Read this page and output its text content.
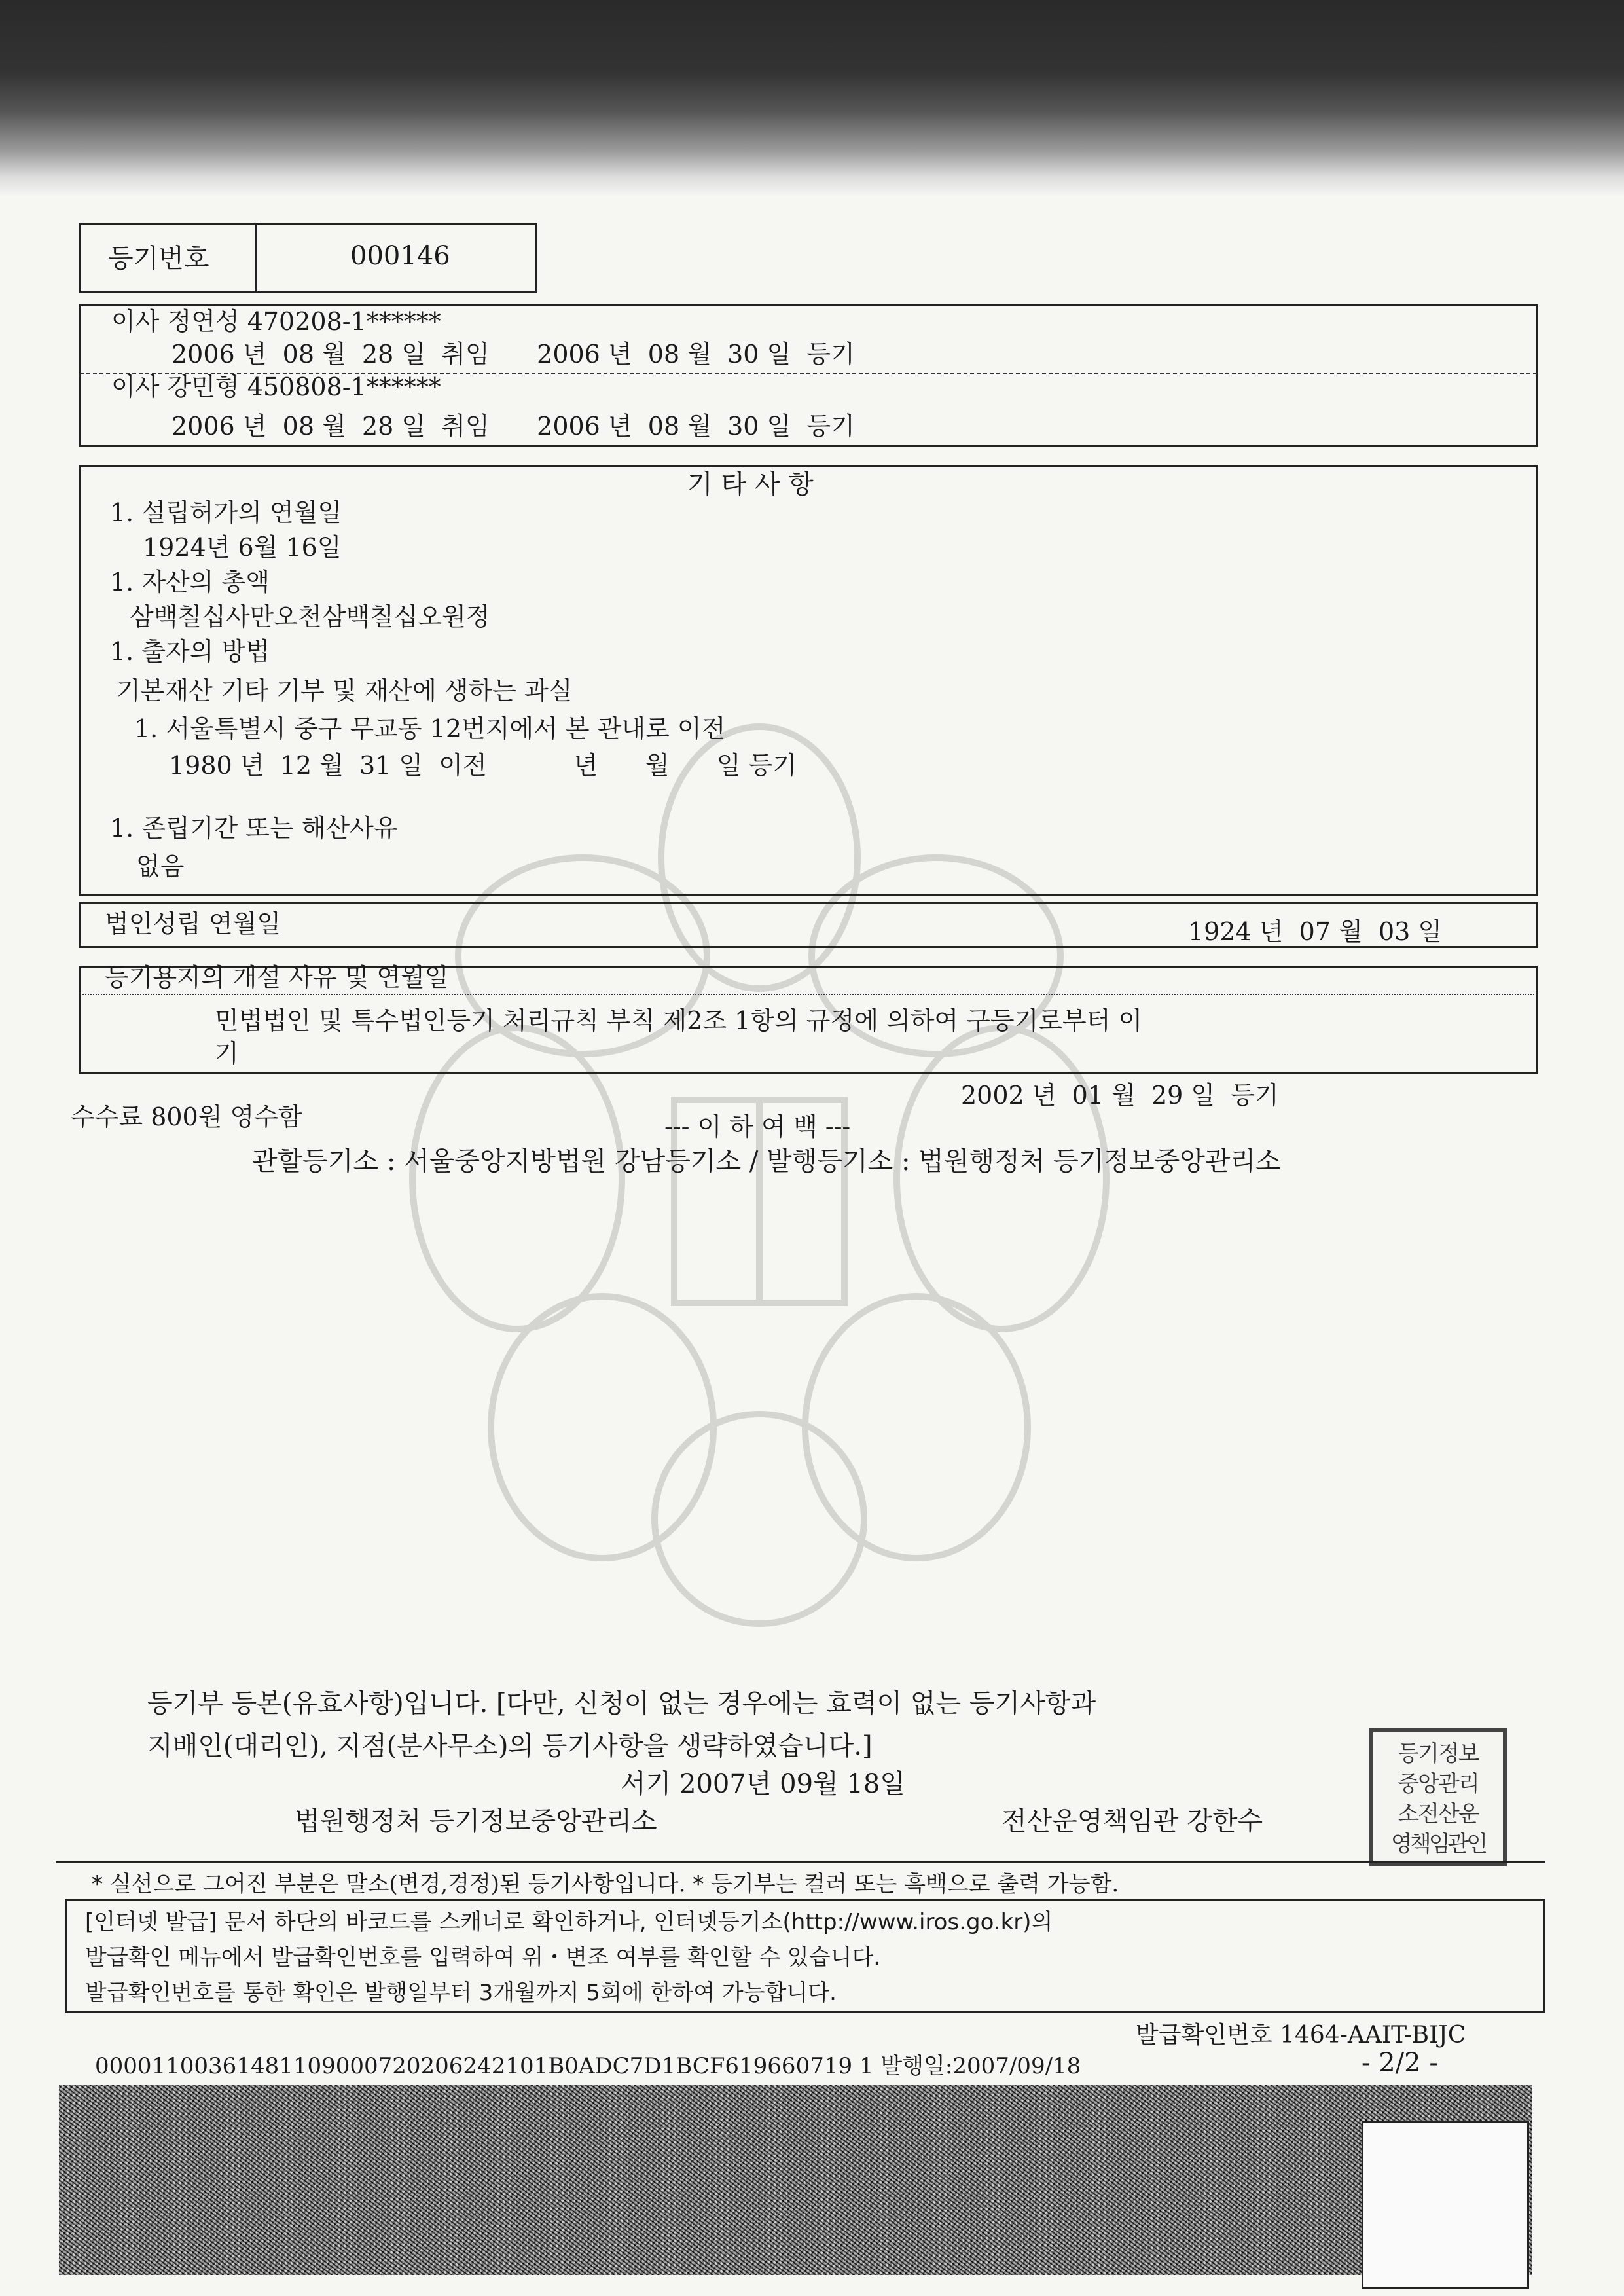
등기번호	000146
이사 정연성 470208-1******
2006 년  08 월  28 일  취임      2006 년  08 월  30 일  등기
이사 강민형 450808-1******
2006 년  08 월  28 일  취임      2006 년  08 월  30 일  등기
기 타 사 항
1. 설립허가의 연월일
1924년 6월 16일
1. 자산의 총액
삼백칠십사만오천삼백칠십오원정
1. 출자의 방법
기본재산 기타 기부 및 재산에 생하는 과실
1. 서울특별시 중구 무교동 12번지에서 본 관내로 이전
1980 년  12 월  31 일  이전           년      월      일 등기
1. 존립기간 또는 해산사유
없음
법인성립 연월일	1924 년  07 월  03 일
등기용지의 개설 사유 및 연월일
민법법인 및 특수법인등기 처리규칙 부칙 제2조 1항의 규정에 의하여 구등기로부터 이
기
2002 년  01 월  29 일  등기
수수료 800원 영수함	--- 이 하 여 백 ---
관할등기소 : 서울중앙지방법원 강남등기소 / 발행등기소 : 법원행정처 등기정보중앙관리소
등기부 등본(유효사항)입니다. [다만, 신청이 없는 경우에는 효력이 없는 등기사항과
지배인(대리인), 지점(분사무소)의 등기사항을 생략하였습니다.]
서기 2007년 09월 18일
법원행정처 등기정보중앙관리소	전산운영책임관 강한수
등기정보
중앙관리
소전산운
영책임관인
* 실선으로 그어진 부분은 말소(변경,경정)된 등기사항입니다. * 등기부는 컬러 또는 흑백으로 출력 가능함.
[인터넷 발급] 문서 하단의 바코드를 스캐너로 확인하거나, 인터넷등기소(http://www.iros.go.kr)의
발급확인 메뉴에서 발급확인번호를 입력하여 위・변조 여부를 확인할 수 있습니다.
발급확인번호를 통한 확인은 발행일부터 3개월까지 5회에 한하여 가능합니다.
발급확인번호 1464-AAIT-BIJC
00001100361481109000720206242101B0ADC7D1BCF619660719 1 발행일:2007/09/18	- 2/2 -
